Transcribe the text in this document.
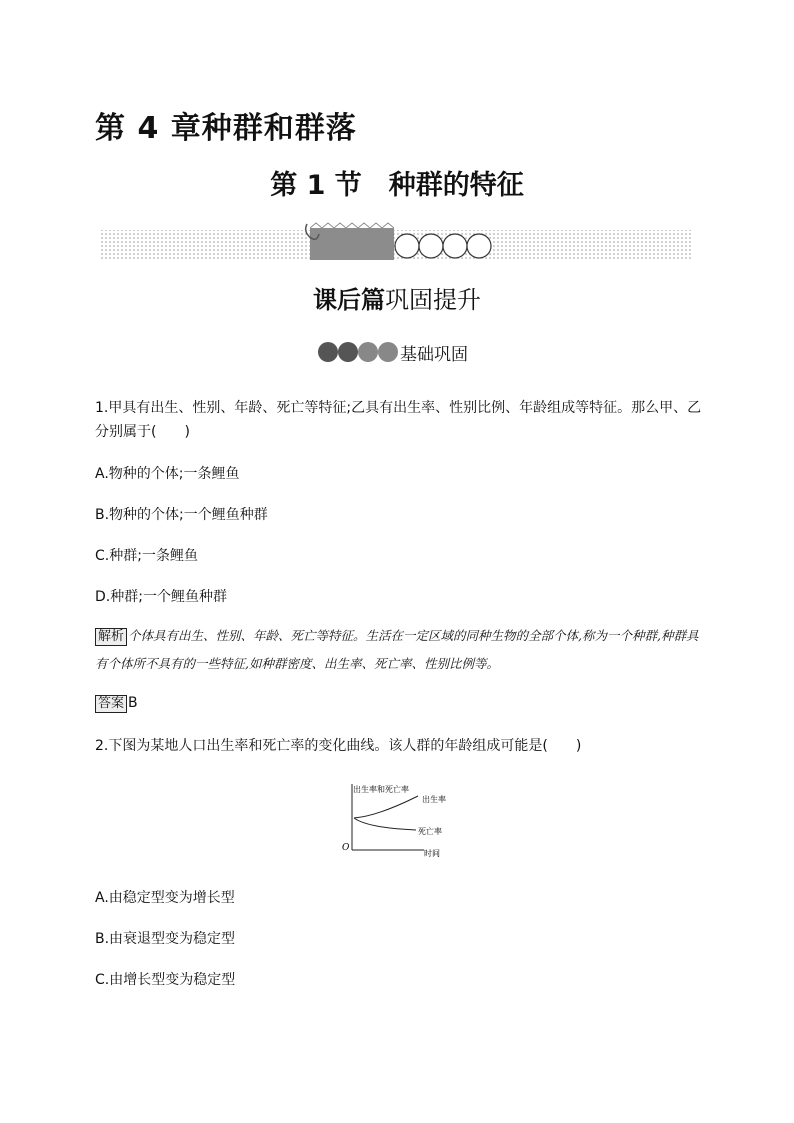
第 4 章种群和群落
第 1 节　种群的特征
课后篇巩固提升
基础巩固
1.甲具有出生、性别、年龄、死亡等特征;乙具有出生率、性别比例、年龄组成等特征。那么甲、乙分别属于(　　)
A.物种的个体;一条鲤鱼
B.物种的个体;一个鲤鱼种群
C.种群;一条鲤鱼
D.种群;一个鲤鱼种群
解析 个体具有出生、性别、年龄、死亡等特征。生活在一定区域的同种生物的全部个体,称为一个种群,种群具有个体所不具有的一些特征,如种群密度、出生率、死亡率、性别比例等。
答案 B
2.下图为某地人口出生率和死亡率的变化曲线。该人群的年龄组成可能是(　　)
出生率和死亡率
O
时间
出生率
死亡率
A.由稳定型变为增长型
B.由衰退型变为稳定型
C.由增长型变为稳定型
